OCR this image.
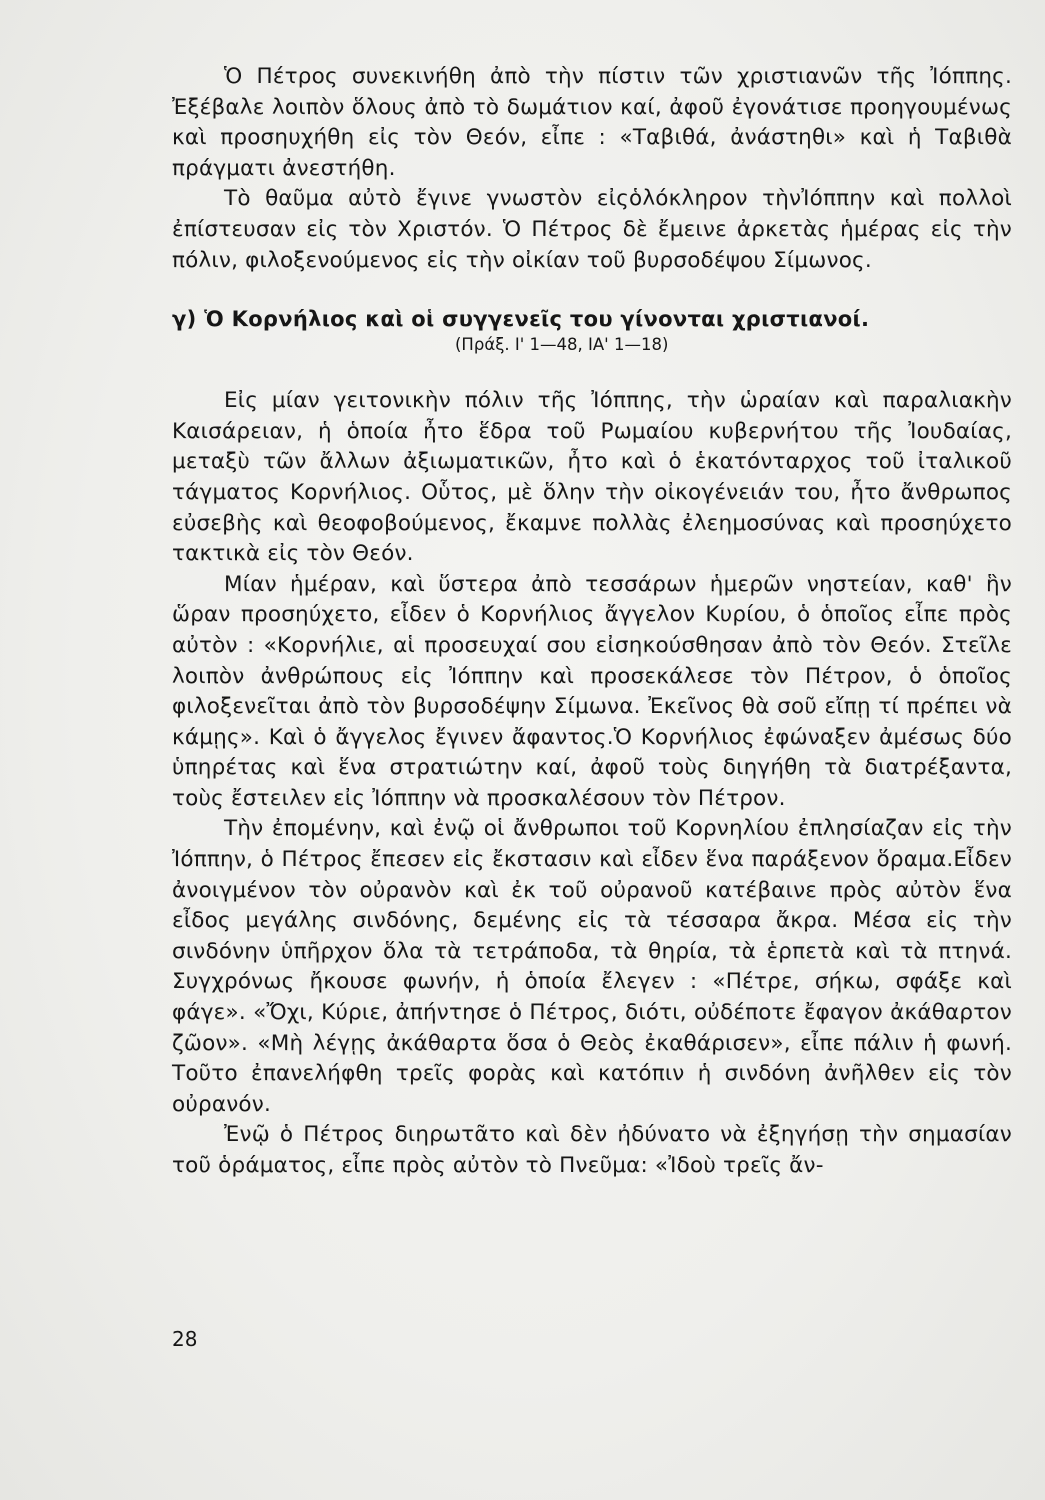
Ὁ Πέτρος συνεκινήθη ἀπὸ τὴν πίστιν τῶν χριστιανῶν τῆς Ἰόππης. Ἐξέβαλε λοιπὸν ὅλους ἀπὸ τὸ δωμάτιον καί, ἀφοῦ ἐγονάτισε προηγουμένως καὶ προσηυχήθη εἰς τὸν Θεόν, εἶπε : «Ταβιθά, ἀνάστηθι» καὶ ἡ Ταβιθὰ πράγματι ἀνεστήθη.

Τὸ θαῦμα αὐτὸ ἔγινε γνωστὸν εἰςὁλόκληρον τὴνἸόππην καὶ πολλοὶ ἐπίστευσαν εἰς τὸν Χριστόν. Ὁ Πέτρος δὲ ἔμεινε ἀρκετὰς ἡμέρας εἰς τὴν πόλιν, φιλοξενούμενος εἰς τὴν οἰκίαν τοῦ βυρσοδέψου Σίμωνος.

γ) Ὁ Κορνήλιος καὶ οἱ συγγενεῖς του γίνονται χριστιανοί.
(Πράξ. Ι' 1—48, ΙΑ' 1—18)

Εἰς μίαν γειτονικὴν πόλιν τῆς Ἰόππης, τὴν ὡραίαν καὶ παραλιακὴν Καισάρειαν, ἡ ὁποία ἦτο ἕδρα τοῦ Ρωμαίου κυβερνήτου τῆς Ἰουδαίας, μεταξὺ τῶν ἄλλων ἀξιωματικῶν, ἦτο καὶ ὁ ἑκατόνταρχος τοῦ ἰταλικοῦ τάγματος Κορνήλιος. Οὗτος, μὲ ὅλην τὴν οἰκογένειάν του, ἦτο ἄνθρωπος εὐσεβὴς καὶ θεοφοβούμενος, ἔκαμνε πολλὰς ἐλεημοσύνας καὶ προσηύχετο τακτικὰ εἰς τὸν Θεόν.

Μίαν ἡμέραν, καὶ ὕστερα ἀπὸ τεσσάρων ἡμερῶν νηστείαν, καθ' ἣν ὥραν προσηύχετο, εἶδεν ὁ Κορνήλιος ἄγγελον Κυρίου, ὁ ὁποῖος εἶπε πρὸς αὐτὸν : «Κορνήλιε, αἱ προσευχαί σου εἰσηκούσθησαν ἀπὸ τὸν Θεόν. Στεῖλε λοιπὸν ἀνθρώπους εἰς Ἰόππην καὶ προσεκάλεσε τὸν Πέτρον, ὁ ὁποῖος φιλοξενεῖται ἀπὸ τὸν βυρσοδέψην Σίμωνα. Ἐκεῖνος θὰ σοῦ εἴπῃ τί πρέπει νὰ κάμῃς». Καὶ ὁ ἄγγελος ἔγινεν ἄφαντος.Ὁ Κορνήλιος ἐφώναξεν ἀμέσως δύο ὑπηρέτας καὶ ἕνα στρατιώτην καί, ἀφοῦ τοὺς διηγήθη τὰ διατρέξαντα, τοὺς ἔστειλεν εἰς Ἰόππην νὰ προσκαλέσουν τὸν Πέτρον.

Τὴν ἐπομένην, καὶ ἐνῷ οἱ ἄνθρωποι τοῦ Κορνηλίου ἐπλησίαζαν εἰς τὴν Ἰόππην, ὁ Πέτρος ἔπεσεν εἰς ἔκστασιν καὶ εἶδεν ἕνα παράξενον ὅραμα.Εἶδεν ἀνοιγμένον τὸν οὐρανὸν καὶ ἐκ τοῦ οὐρανοῦ κατέβαινε πρὸς αὐτὸν ἕνα εἶδος μεγάλης σινδόνης, δεμένης εἰς τὰ τέσσαρα ἄκρα. Μέσα εἰς τὴν σινδόνην ὑπῆρχον ὅλα τὰ τετράποδα, τὰ θηρία, τὰ ἑρπετὰ καὶ τὰ πτηνά. Συγχρόνως ἤκουσε φωνήν, ἡ ὁποία ἔλεγεν : «Πέτρε, σήκω, σφάξε καὶ φάγε». «Ὄχι, Κύριε, ἀπήντησε ὁ Πέτρος, διότι, οὐδέποτε ἔφαγον ἀκάθαρτον ζῶον». «Μὴ λέγῃς ἀκάθαρτα ὅσα ὁ Θεὸς ἐκαθάρισεν», εἶπε πάλιν ἡ φωνή. Τοῦτο ἐπανελήφθη τρεῖς φορὰς καὶ κατόπιν ἡ σινδόνη ἀνῆλθεν εἰς τὸν οὐρανόν.

Ἐνῷ ὁ Πέτρος διηρωτᾶτο καὶ δὲν ἠδύνατο νὰ ἐξηγήσῃ τὴν σημασίαν τοῦ ὁράματος, εἶπε πρὸς αὐτὸν τὸ Πνεῦμα: «Ἰδοὺ τρεῖς ἄν-

28
